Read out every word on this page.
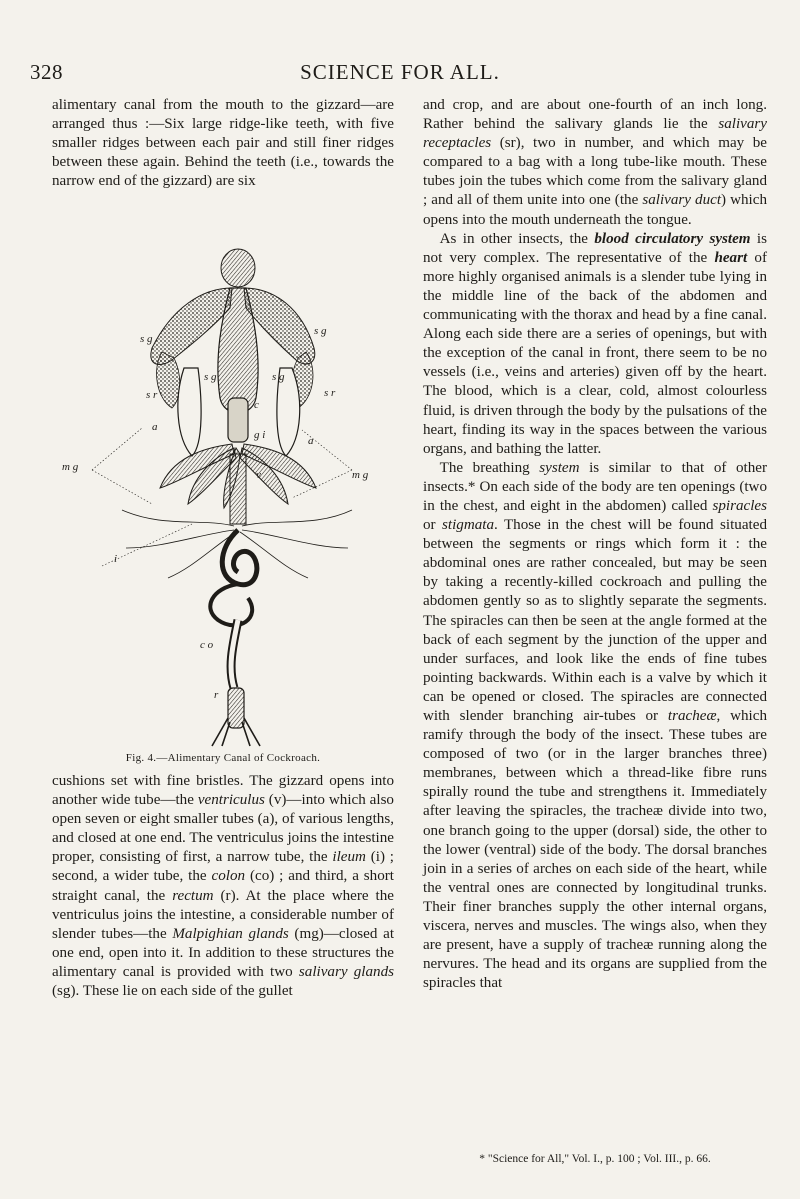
328	SCIENCE FOR ALL.

alimentary canal from the mouth to the gizzard—are arranged thus :—Six large ridge-like teeth, with five smaller ridges between each pair and still finer ridges between these again. Behind the teeth (i.e., towards the narrow end of the gizzard) are six

s g
s g
s g	s g
s r	s r
c
g i
a
a
v
m g
m g
i
c o
r
Fig. 4.—Alimentary Canal of Cockroach.

cushions set with fine bristles. The gizzard opens into another wide tube—the ventriculus (v)—into which also open seven or eight smaller tubes (a), of various lengths, and closed at one end. The ventriculus joins the intestine proper, consisting of first, a narrow tube, the ileum (i) ; second, a wider tube, the colon (co) ; and third, a short straight canal, the rectum (r). At the place where the ventriculus joins the intestine, a considerable number of slender tubes—the Malpighian glands (mg)—closed at one end, open into it. In addition to these structures the alimentary canal is provided with two salivary glands (sg). These lie on each side of the gullet

and crop, and are about one-fourth of an inch long. Rather behind the salivary glands lie the salivary receptacles (sr), two in number, and which may be compared to a bag with a long tube-like mouth. These tubes join the tubes which come from the salivary gland ; and all of them unite into one (the salivary duct) which opens into the mouth underneath the tongue.

As in other insects, the blood circulatory system is not very complex. The representative of the heart of more highly organised animals is a slender tube lying in the middle line of the back of the abdomen and communicating with the thorax and head by a fine canal. Along each side there are a series of openings, but with the exception of the canal in front, there seem to be no vessels (i.e., veins and arteries) given off by the heart. The blood, which is a clear, cold, almost colourless fluid, is driven through the body by the pulsations of the heart, finding its way in the spaces between the various organs, and bathing the latter.

The breathing system is similar to that of other insects.* On each side of the body are ten openings (two in the chest, and eight in the abdomen) called spiracles or stigmata. Those in the chest will be found situated between the segments or rings which form it : the abdominal ones are rather concealed, but may be seen by taking a recently-killed cockroach and pulling the abdomen gently so as to slightly separate the segments. The spiracles can then be seen at the angle formed at the back of each segment by the junction of the upper and under surfaces, and look like the ends of fine tubes pointing backwards. Within each is a valve by which it can be opened or closed. The spiracles are connected with slender branching air-tubes or tracheæ, which ramify through the body of the insect. These tubes are composed of two (or in the larger branches three) membranes, between which a thread-like fibre runs spirally round the tube and strengthens it. Immediately after leaving the spiracles, the tracheæ divide into two, one branch going to the upper (dorsal) side, the other to the lower (ventral) side of the body. The dorsal branches join in a series of arches on each side of the heart, while the ventral ones are connected by longitudinal trunks. Their finer branches supply the other internal organs, viscera, nerves and muscles. The wings also, when they are present, have a supply of tracheæ running along the nervures. The head and its organs are supplied from the spiracles that

* "Science for All," Vol. I., p. 100 ; Vol. III., p. 66.
